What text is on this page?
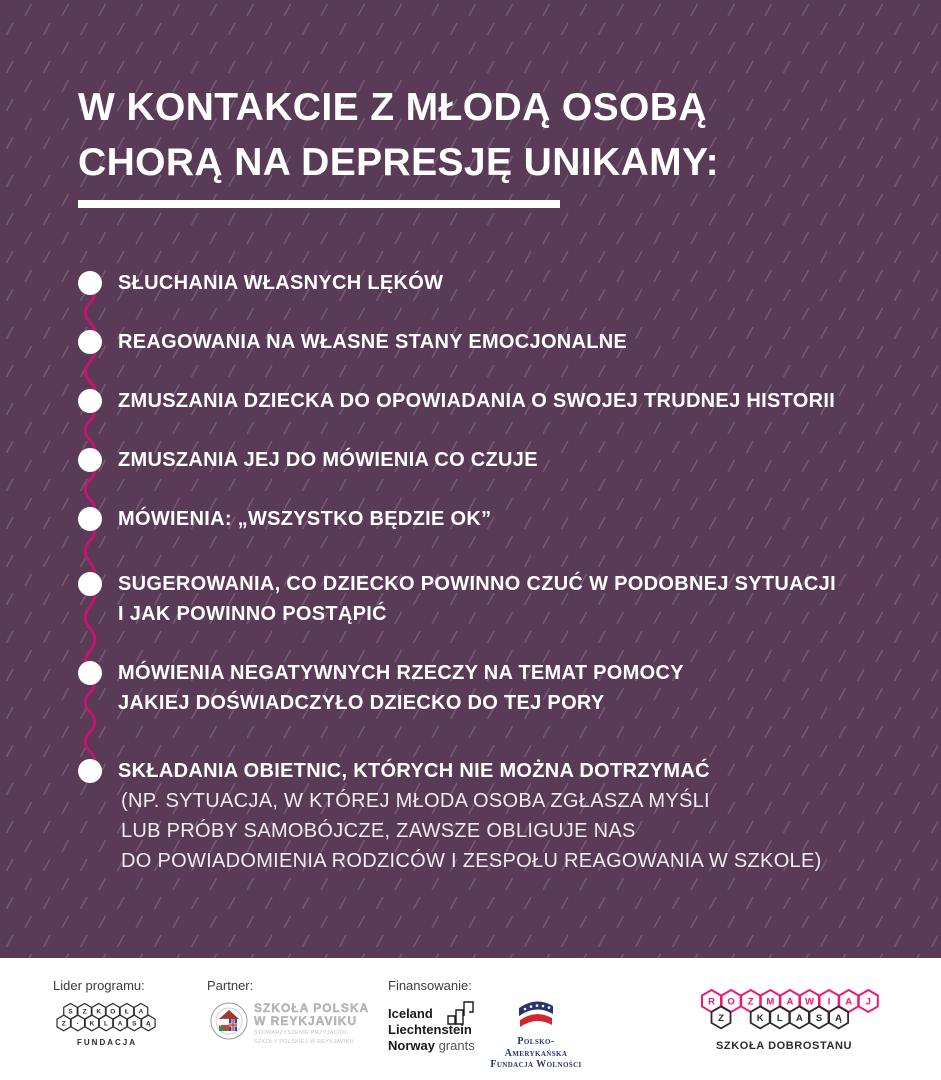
W KONTAKCIE Z MŁODĄ OSOBĄ
CHORĄ NA DEPRESJĘ UNIKAMY:
SŁUCHANIA WŁASNYCH LĘKÓW
REAGOWANIA NA WŁASNE STANY EMOCJONALNE
ZMUSZANIA DZIECKA DO OPOWIADANIA O SWOJEJ TRUDNEJ HISTORII
ZMUSZANIA JEJ DO MÓWIENIA CO CZUJE
MÓWIENIA: „WSZYSTKO BĘDZIE OK”
SUGEROWANIA, CO DZIECKO POWINNO CZUĆ W PODOBNEJ SYTUACJI
I JAK POWINNO POSTĄPIĆ
MÓWIENIA NEGATYWNYCH RZECZY NA TEMAT POMOCY
JAKIEJ DOŚWIADCZYŁO DZIECKO DO TEJ PORY
SKŁADANIA OBIETNIC, KTÓRYCH NIE MOŻNA DOTRZYMAĆ
(NP. SYTUACJA, W KTÓREJ MŁODA OSOBA ZGŁASZA MYŚLI
LUB PRÓBY SAMOBÓJCZE, ZAWSZE OBLIGUJE NAS
DO POWIADOMIENIA RODZICÓW I ZESPOŁU REAGOWANIA W SZKOLE)
Lider programu:	Partner:	Finansowanie:
S Z K O Ł A
Z · K L A S Ą
FUNDACJA
SZKOŁA POLSKA
W REYKJAVIKU
STOWARZYSZENIE PRZYJACIÓŁ
SZKOŁY POLSKIEJ W REYKJAVIKU
Iceland
Liechtenstein
Norway grants	Polsko-Amerykańska
Fundacja Wolności
R O Z M A W I A J
Z	K L A S Ą
SZKOŁA DOBROSTANU
